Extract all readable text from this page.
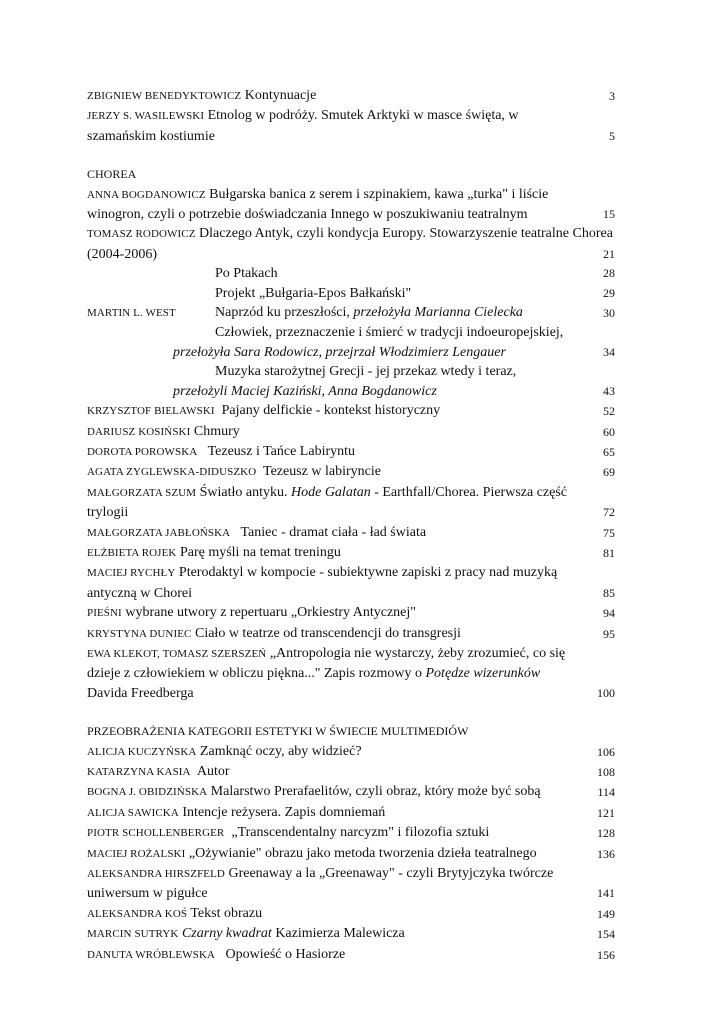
ZBIGNIEW BENEDYKTOWICZ Kontynuacje	3
JERZY S. WASILEWSKI Etnolog w podróży. Smutek Arktyki w masce święta, w szamańskim kostiumie	5
CHOREA
ANNA BOGDANOWICZ Bułgarska banica z serem i szpinakiem, kawa „turka" i liście winogron, czyli o potrzebie doświadczania Innego w poszukiwaniu teatralnym	15
TOMASZ RODOWICZ Dlaczego Antyk, czyli kondycja Europy. Stowarzyszenie teatralne Chorea (2004-2006)	21
Po Ptakach	28
Projekt „Bułgaria-Epos Bałkański"	29
MARTIN L. WEST	Naprzód ku przeszłości, przełożyła Marianna Cielecka	30
Człowiek, przeznaczenie i śmierć w tradycji indoeuropejskiej,
przełożyła Sara Rodowicz, przejrzał Włodzimierz Lengauer	34
Muzyka starożytnej Grecji - jej przekaz wtedy i teraz,
przełożyli Maciej Kaziński, Anna Bogdanowicz	43
KRZYSZTOF BIELAWSKI Pajany delfickie - kontekst historyczny	52
DARIUSZ KOSIŃSKI Chmury	60
DOROTA POROWSKA Tezeusz i Tańce Labiryntu	65
AGATA ZYGLEWSKA-DIDUSZKO Tezeusz w labiryncie	69
MAŁGORZATA SZUM Światło antyku. Hode Galatan - Earthfall/Chorea. Pierwsza część trylogii	72
MAŁGORZATA JABŁOŃSKA Taniec - dramat ciała - ład świata	75
ELŻBIETA ROJEK Parę myśli na temat treningu	81
MACIEJ RYCHŁY Pterodaktyl w kompocie - subiektywne zapiski z pracy nad muzyką antyczną w Chorei	85
PIEŚNI wybrane utwory z repertuaru „Orkiestry Antycznej"	94
KRYSTYNA DUNIEC Ciało w teatrze od transcendencji do transgresji	95
EWA KLEKOT, TOMASZ SZERSZEŃ „Antropologia nie wystarczy, żeby zrozumieć, co się dzieje z człowiekiem w obliczu piękna..." Zapis rozmowy o Potędze wizerunków Davida Freedberga	100
PRZEOBRAŻENIA KATEGORII ESTETYKI W ŚWIECIE MULTIMEDIÓW
ALICJA KUCZYŃSKA Zamknąć oczy, aby widzieć?	106
KATARZYNA KASIA Autor	108
BOGNA J. OBIDZIŃSKA Malarstwo Prerafaelitów, czyli obraz, który może być sobą	114
ALICJA SAWICKA Intencje reżysera. Zapis domniemań	121
PIOTR SCHOLLENBERGER „Transcendentalny narcyzm" i filozofia sztuki	128
MACIEJ ROŻALSKI „Ożywianie" obrazu jako metoda tworzenia dzieła teatralnego	136
ALEKSANDRA HIRSZFELD Greenaway a la „Greenaway" - czyli Brytyjczyka twórcze uniwersum w pigułce	141
ALEKSANDRA KOŚ Tekst obrazu	149
MARCIN SUTRYK Czarny kwadrat Kazimierza Malewicza	154
DANUTA WRÓBLEWSKA Opowieść o Hasiorze	156
